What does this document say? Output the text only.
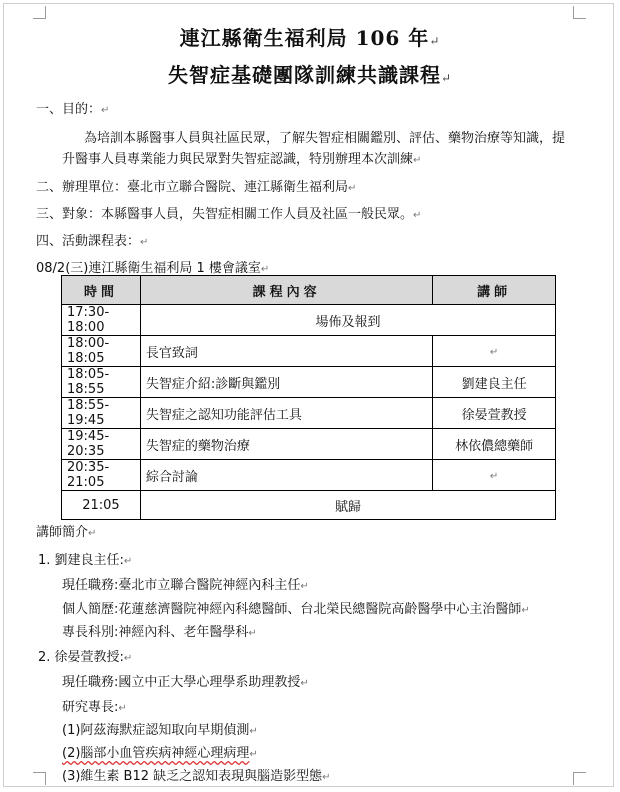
連江縣衛生福利局 106 年↵
失智症基礎團隊訓練共識課程↵
一、目的：↵
為培訓本縣醫事人員與社區民眾，了解失智症相關鑑別、評估、藥物治療等知識，提
升醫事人員專業能力與民眾對失智症認識，特別辦理本次訓練↵
二、辦理單位：臺北市立聯合醫院、連江縣衛生福利局↵
三、對象：本縣醫事人員，失智症相關工作人員及社區一般民眾。↵
四、活動課程表：↵
08/2(三)連江縣衛生福利局 1 樓會議室↵
時間	課程內容	講師
17:30-18:00	場佈及報到	
18:00-18:05	長官致詞	↵
18:05-18:55	失智症介紹:診斷與鑑別	劉建良主任
18:55-19:45	失智症之認知功能評估工具	徐晏萱教授
19:45-20:35	失智症的藥物治療	林依儂總藥師
20:35-21:05	綜合討論	↵
21:05	賦歸	
講師簡介↵
1. 劉建良主任:↵
現任職務:臺北市立聯合醫院神經內科主任↵
個人簡歷:花蓮慈濟醫院神經內科總醫師、台北榮民總醫院高齡醫學中心主治醫師↵
專長科別:神經內科、老年醫學科↵
2. 徐晏萱教授:↵
現任職務:國立中正大學心理學系助理教授↵
研究專長:↵
(1)阿茲海默症認知取向早期偵測↵
(2)腦部小血管疾病神經心理病理↵
(3)維生素 B12 缺乏之認知表現與腦造影型態↵
